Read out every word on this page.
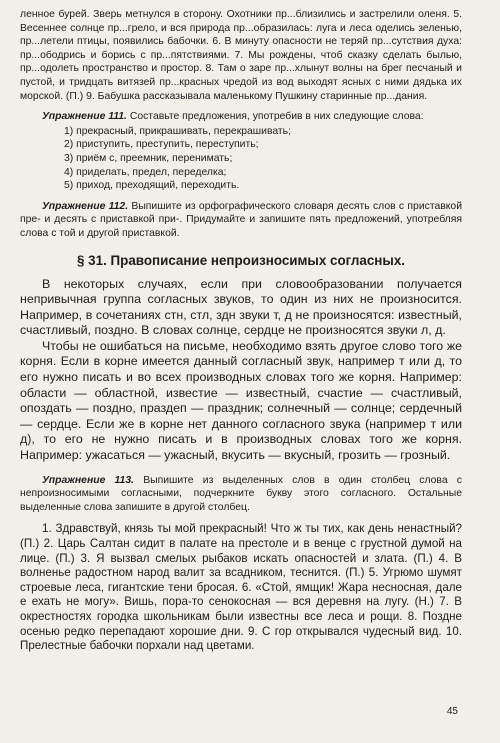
ленное бурей. Зверь метнулся в сторону. Охотники пр...близились и застрелили оленя. 5. Весеннее солнце пр...грело, и вся природа пр...образилась: луга и леса оделись зеленью, пр...летели птицы, появились бабочки. 6. В минуту опасности не теряй пр...сутствия духа: пр...ободрись и борись с пр...пятствиями. 7. Мы рождены, чтоб сказку сделать былью, пр...одолеть пространство и простор. 8. Там о заре пр...хлынут волны на брег песчаный и пустой, и тридцать витязей пр...красных чредой из вод выходят ясных с ними дядька их морской. (П.) 9. Бабушка рассказывала маленькому Пушкину старинные пр...дания.

Упражнение 111. Составьте предложения, употребив в них следующие слова:

1) прекрасный, прикрашивать, перекрашивать;
2) приступить, преступить, переступить;
3) приём с, преемник, перенимать;
4) приделать, предел, переделка;
5) приход, преходящий, переходить.

Упражнение 112. Выпишите из орфографического словаря десять слов с приставкой пре- и десять с приставкой при-. Придумайте и запишите пять предложений, употребляя слова с той и другой приставкой.

§ 31. Правописание непроизносимых согласных.

В некоторых случаях, если при словообразовании получается непривычная группа согласных звуков, то один из них не произносится. Например, в сочетаниях стн, стл, здн звуки т, д не произносятся: известный, счастливый, поздно. В словах солнце, сердце не произносятся звуки л, д.

Чтобы не ошибаться на письме, необходимо взять другое слово того же корня. Если в корне имеется данный согласный звук, например т или д, то его нужно писать и во всех производных словах того же корня. Например: области — областной, известие — известный, счастие — счастливый, опоздать — поздно, праздеп — праздник; солнечный — солнце; сердечный — сердце. Если же в корне нет данного согласного звука (например т или д), то его не нужно писать и в производных словах того же корня. Например: ужасаться — ужасный, вкусить — вкусный, грозить — грозный.

Упражнение 113. Выпишите из выделенных слов в один столбец слова с непроизносимыми согласными, подчеркните букву этого согласного. Остальные выделенные слова запишите в другой столбец.

1. Здравствуй, князь ты мой прекрасный! Что ж ты тих, как день ненастный? (П.) 2. Царь Салтан сидит в палате на престоле и в венце с грустной думой на лице. (П.) 3. Я вызвал смелых рыбаков искать опасностей и злата. (П.) 4. В волненье радостном народ валит за всадником, теснится. (П.) 5. Угрюмо шумят строевые леса, гигантские тени бросая. 6. «Стой, ямщик! Жара несносная, дале е ехать не могу». Вишь, пора-то сенокосная — вся деревня на лугу. (Н.) 7. В окрестностях городка школьникам были известны все леса и рощи. 8. Поздне осенью редко перепадают хорошие дни. 9. С гор открывался чудесный вид. 10. Прелестные бабочки порхали над цветами.

45
